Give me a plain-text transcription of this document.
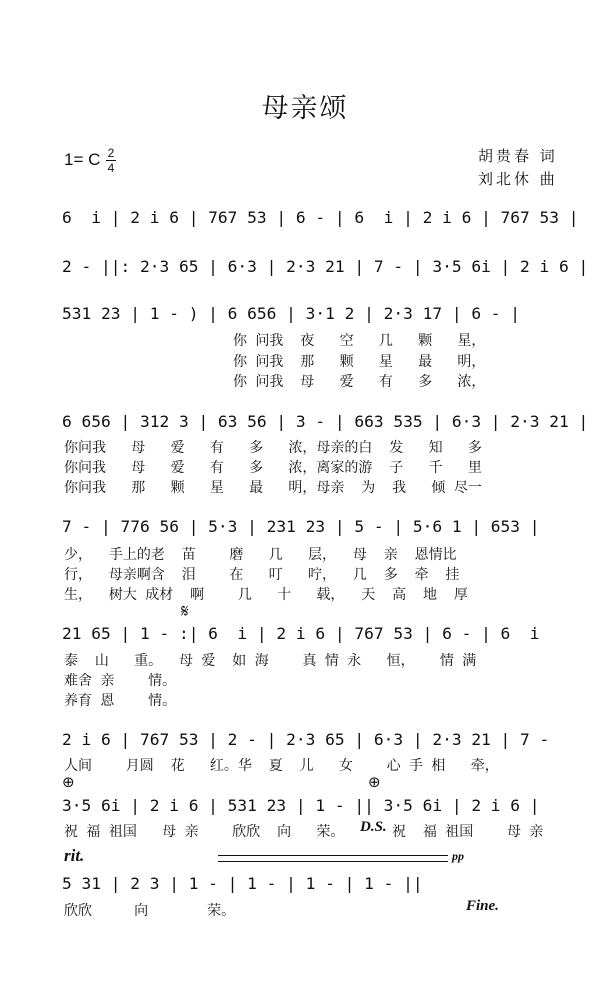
母亲颂
1= C 2
4
胡贵春 词
刘北休 曲
6  i | 2 i 6 | 767 53 | 6 - | 6  i | 2 i 6 | 767 53 |
2 - ||: 2·3 65 | 6·3 | 2·3 21 | 7 - | 3·5 6i | 2 i 6 |
531 23 | 1 - ) | 6 656 | 3·1 2 | 2·3 17 | 6 - |
你 问我  夜   空   几   颗   星，
你 问我  那   颗   星   最   明，
你 问我  母   爱   有   多   浓，
6 656 | 312 3 | 63 56 | 3 - | 663 535 | 6·3 | 2·3 21 |
你问我   母   爱   有   多   浓，母亲的白  发   知   多
你问我   母   爱   有   多   浓，离家的游  子   千   里
你问我   那   颗   星   最   明，母亲  为  我   倾 尽一
7 - | 776 56 | 5·3 | 231 23 | 5 - | 5·6 1 | 653 |
少，  手上的老  苗    磨   几   层，  母  亲  恩情比
行，  母亲啊含  泪    在   叮   咛，  几  多  牵  挂
生，  树大 成材  啊    几   十   载，  天  高  地  厚
𝄋
21 65 | 1 - :| 6  i | 2 i 6 | 767 53 | 6 - | 6  i
泰  山   重。  母 爱  如 海    真 情 永   恒，   情 满
难舍 亲    情。
养育 恩    情。
2 i 6 | 767 53 | 2 - | 2·3 65 | 6·3 | 2·3 21 | 7 -
人间    月圆  花   红。华  夏  儿   女    心 手 相   牵，
⊕	⊕
3·5 6i | 2 i 6 | 531 23 | 1 - || 3·5 6i | 2 i 6 |
祝 福 祖国   母 亲    欣欣  向   荣。 D.S. 祝  福 祖国    母 亲
rit.	pp
5 31 | 2 3 | 1 - | 1 - | 1 - | 1 - ||
欣欣     向       荣。	Fine.
